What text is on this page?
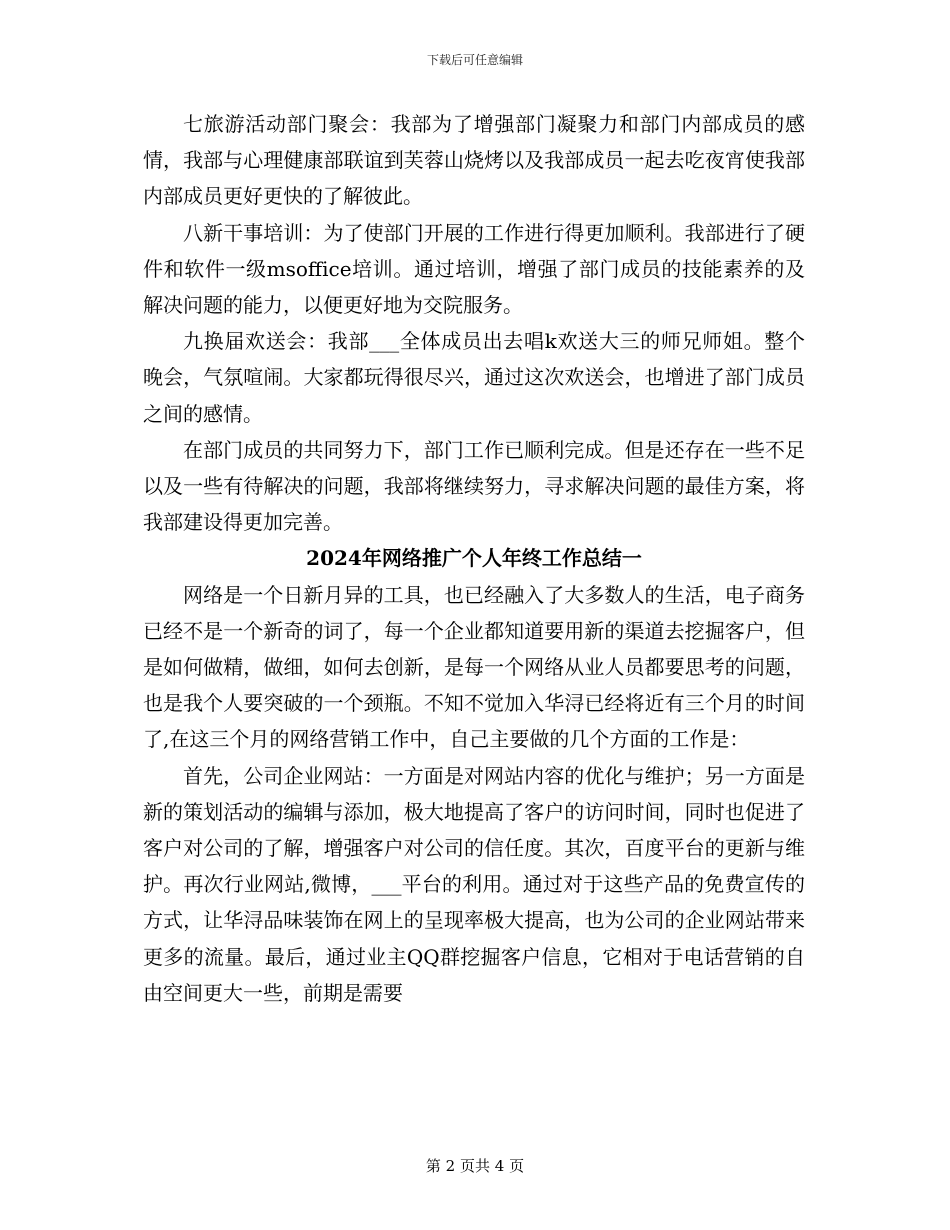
下载后可任意编辑

七旅游活动部门聚会：我部为了增强部门凝聚力和部门内部成员的感情，我部与心理健康部联谊到芙蓉山烧烤以及我部成员一起去吃夜宵使我部内部成员更好更快的了解彼此。

八新干事培训：为了使部门开展的工作进行得更加顺利。我部进行了硬件和软件一级msoffice培训。通过培训，增强了部门成员的技能素养的及解决问题的能力，以便更好地为交院服务。

九换届欢送会：我部___全体成员出去唱k欢送大三的师兄师姐。整个晚会，气氛喧闹。大家都玩得很尽兴，通过这次欢送会，也增进了部门成员之间的感情。

在部门成员的共同努力下，部门工作已顺利完成。但是还存在一些不足以及一些有待解决的问题，我部将继续努力，寻求解决问题的最佳方案，将我部建设得更加完善。

2024年网络推广个人年终工作总结一

网络是一个日新月异的工具，也已经融入了大多数人的生活，电子商务已经不是一个新奇的词了，每一个企业都知道要用新的渠道去挖掘客户，但是如何做精，做细，如何去创新，是每一个网络从业人员都要思考的问题，也是我个人要突破的一个颈瓶。不知不觉加入华浔已经将近有三个月的时间了,在这三个月的网络营销工作中，自己主要做的几个方面的工作是：

首先，公司企业网站：一方面是对网站内容的优化与维护；另一方面是新的策划活动的编辑与添加，极大地提高了客户的访问时间，同时也促进了客户对公司的了解，增强客户对公司的信任度。其次，百度平台的更新与维护。再次行业网站,微博，___平台的利用。通过对于这些产品的免费宣传的方式，让华浔品味装饰在网上的呈现率极大提高，也为公司的企业网站带来更多的流量。最后，通过业主QQ群挖掘客户信息，它相对于电话营销的自由空间更大一些，前期是需要

第 2 页共 4 页
